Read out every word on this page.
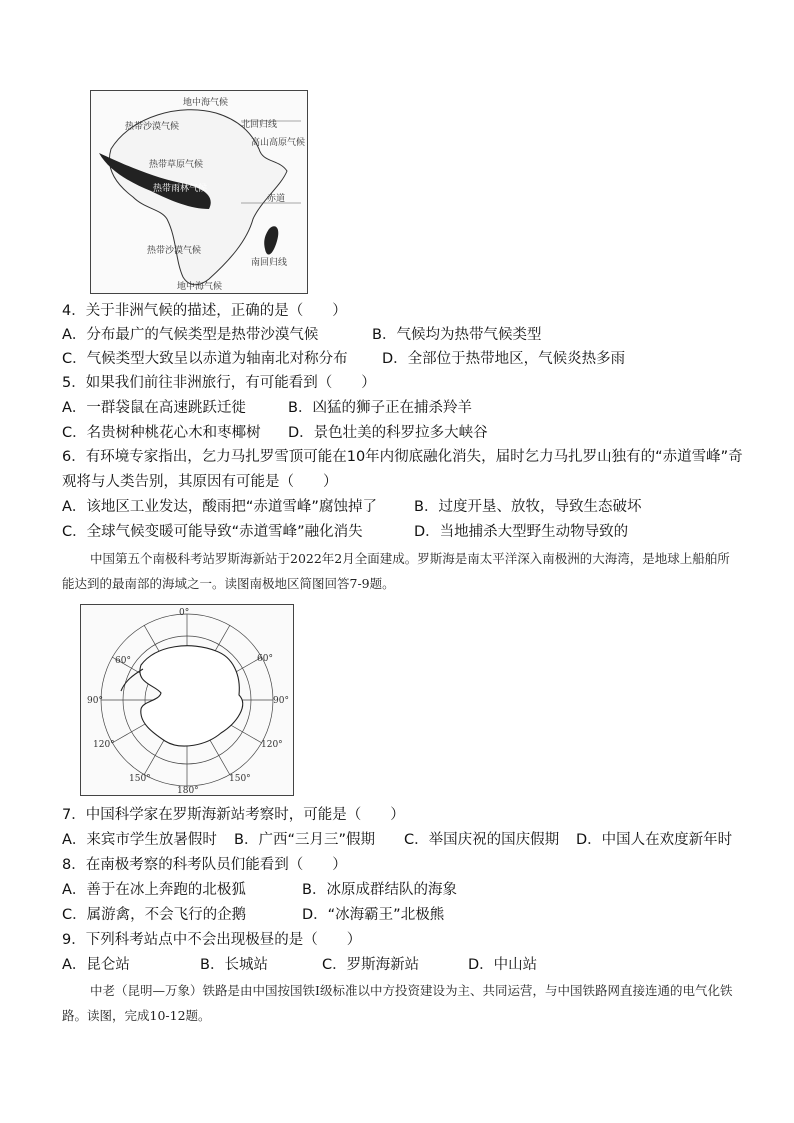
地中海气候
热带沙漠气候	北回归线
高山高原气候
热带草原气候
热带雨林气候
赤道
热带沙漠气候
南回归线
地中海气候
4．关于非洲气候的描述，正确的是（　　）
A．分布最广的气候类型是热带沙漠气候	B．气候均为热带气候类型
C．气候类型大致呈以赤道为轴南北对称分布 D．全部位于热带地区，气候炎热多雨
5．如果我们前往非洲旅行，有可能看到（　　）
A．一群袋鼠在高速跳跃迁徙	B．凶猛的狮子正在捕杀羚羊
C．名贵树种桃花心木和枣椰树 D．景色壮美的科罗拉多大峡谷
6．有环境专家指出，乞力马扎罗雪顶可能在10年内彻底融化消失，届时乞力马扎罗山独有的“赤道雪峰”奇
观将与人类告别，其原因有可能是（　　）
A．该地区工业发达，酸雨把“赤道雪峰”腐蚀掉了	B．过度开垦、放牧，导致生态破坏
C．全球气候变暖可能导致“赤道雪峰”融化消失	D．当地捕杀大型野生动物导致的
中国第五个南极科考站罗斯海新站于2022年2月全面建成。罗斯海是南太平洋深入南极洲的大海湾，是地球上船舶所能达到的最南部的海域之一。读图南极地区简图回答7-9题。
0°
60°	60°
90°	90°
120°	120°
150°	150°
180°
7．中国科学家在罗斯海新站考察时，可能是（　　）
A．来宾市学生放暑假时 B．广西“三月三”假期 C．举国庆祝的国庆假期 D．中国人在欢度新年时
8．在南极考察的科考队员们能看到（　　）
A．善于在冰上奔跑的北极狐	B．冰原成群结队的海象
C．属游禽，不会飞行的企鹅	D．“冰海霸王”北极熊
9．下列科考站点中不会出现极昼的是（　　）
A．昆仑站	B．长城站	C．罗斯海新站	D．中山站
中老（昆明—万象）铁路是由中国按国铁Ⅰ级标准以中方投资建设为主、共同运营，与中国铁路网直接连通的电气化铁路。读图，完成10-12题。
